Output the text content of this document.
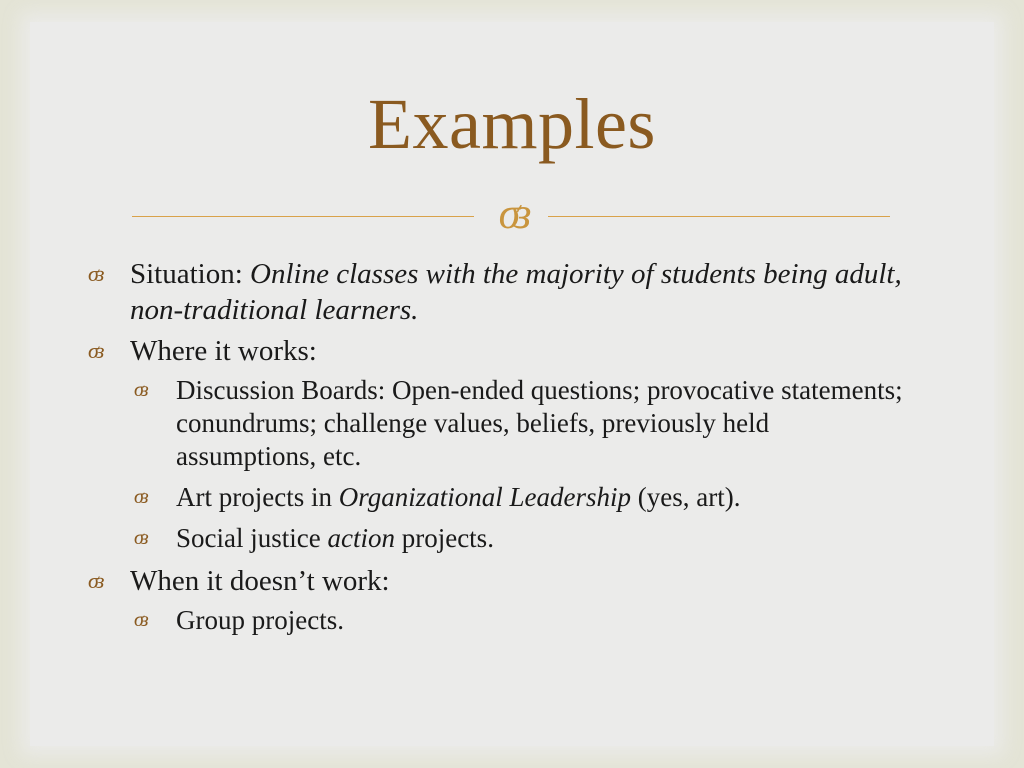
Examples
σз
σз Situation: Online classes with the majority of students being adult, non-traditional learners.
σз Where it works:
σз Discussion Boards: Open-ended questions; provocative statements; conundrums; challenge values, beliefs, previously held assumptions, etc.
σз Art projects in Organizational Leadership (yes, art).
σз Social justice action projects.
σз When it doesn’t work:
σз Group projects.
